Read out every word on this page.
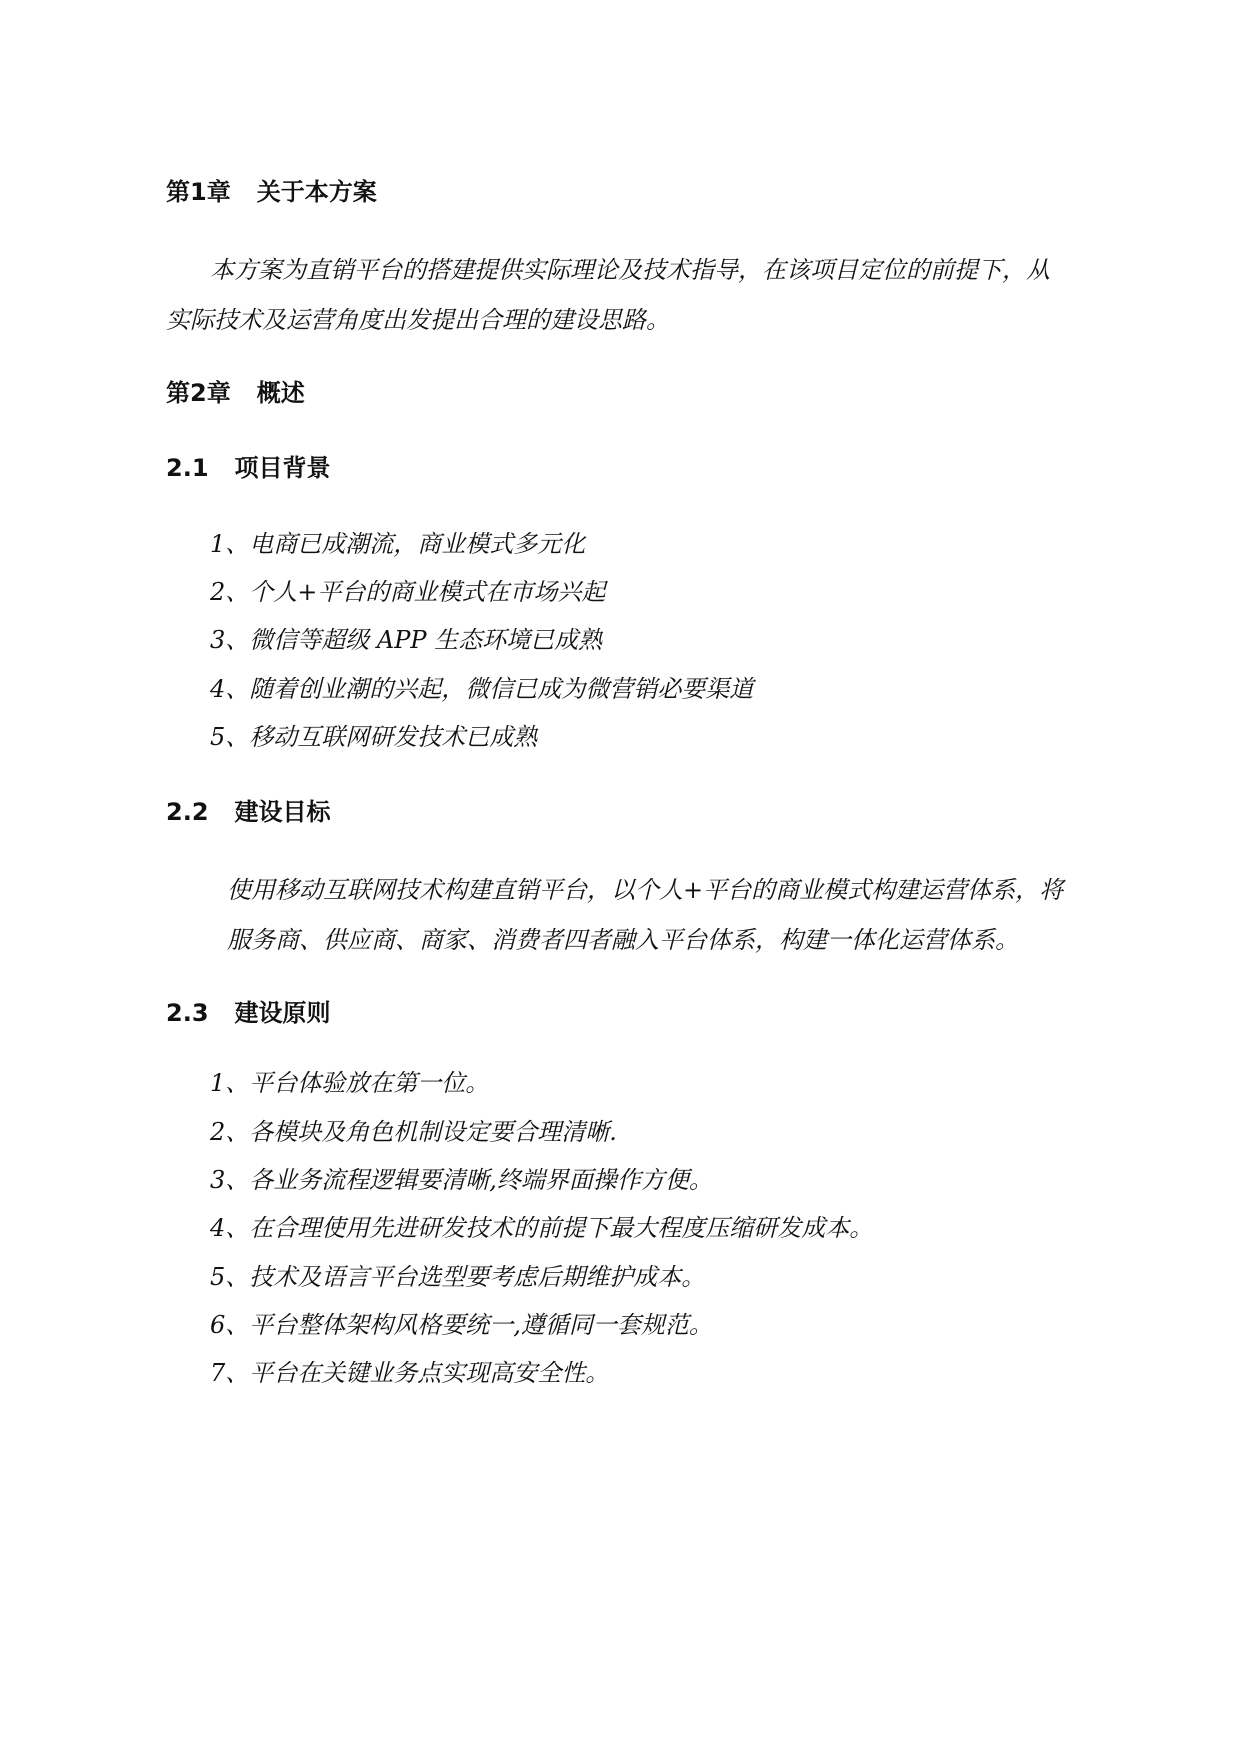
第1章 关于本方案
本方案为直销平台的搭建提供实际理论及技术指导，在该项目定位的前提下，从
实际技术及运营角度出发提出合理的建设思路。
第2章 概述
2.1 项目背景
1、电商已成潮流，商业模式多元化
2、个人+平台的商业模式在市场兴起
3、微信等超级 APP 生态环境已成熟
4、随着创业潮的兴起，微信已成为微营销必要渠道
5、移动互联网研发技术已成熟
2.2 建设目标
使用移动互联网技术构建直销平台，以个人+平台的商业模式构建运营体系，将
服务商、供应商、商家、消费者四者融入平台体系，构建一体化运营体系。
2.3 建设原则
1、平台体验放在第一位。
2、各模块及角色机制设定要合理清晰.
3、各业务流程逻辑要清晰,终端界面操作方便。
4、在合理使用先进研发技术的前提下最大程度压缩研发成本。
5、技术及语言平台选型要考虑后期维护成本。
6、平台整体架构风格要统一,遵循同一套规范。
7、平台在关键业务点实现高安全性。
